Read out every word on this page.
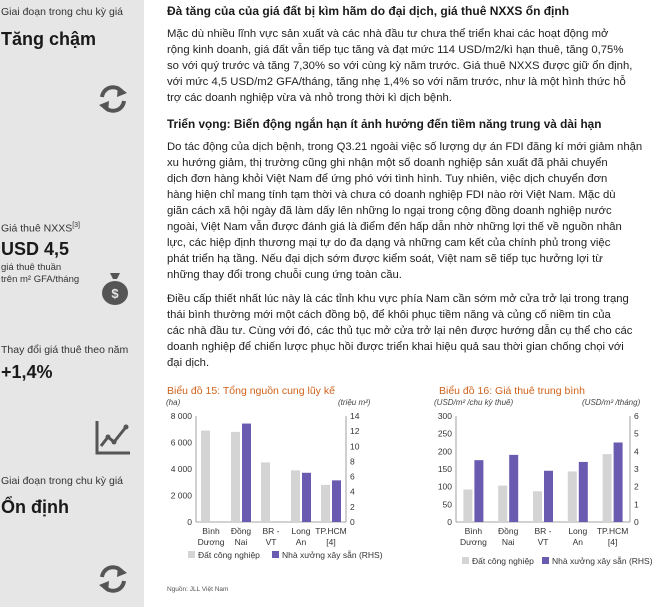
Giai đoạn trong chu kỳ giá
Tăng chậm
Giá thuê NXXS[3]
USD 4,5
giá thuê thuần
trên m² GFA/tháng
$
Thay đổi giá thuê theo năm
+1,4%
Giai đoạn trong chu kỳ giá
Ổn định
Đà tăng của của giá đất bị kìm hãm do đại dịch, giá thuê NXXS ổn định
Mặc dù nhiều lĩnh vực sản xuất và các nhà đầu tư chưa thể triển khai các hoạt động mở
rộng kinh doanh, giá đất vẫn tiếp tục tăng và đạt mức 114 USD/m2/kì hạn thuê, tăng 0,75%
so với quý trước và tăng 7,30% so với cùng kỳ năm trước. Giá thuê NXXS được giữ ổn định,
với mức 4,5 USD/m2 GFA/tháng, tăng nhẹ 1,4% so với năm trước, như là một hình thức hỗ
trợ các doanh nghiệp vừa và nhỏ trong thời kì dịch bệnh.
Triển vọng: Biến động ngắn hạn ít ảnh hưởng đến tiềm năng trung và dài hạn
Do tác động của dịch bệnh, trong Q3.21 ngoài việc số lượng dự án FDI đăng kí mới giảm nhận
xu hướng giảm, thị trường cũng ghi nhận một số doanh nghiệp sản xuất đã phải chuyển
dịch đơn hàng khỏi Việt Nam để ứng phó với tình hình. Tuy nhiên, việc dịch chuyển đơn
hàng hiện chỉ mang tính tạm thời và chưa có doanh nghiệp FDI nào rời Việt Nam. Mặc dù
giãn cách xã hội ngày đã làm dấy lên những lo ngại trong cộng đồng doanh nghiệp nước
ngoài, Việt Nam vẫn được đánh giá là điểm đến hấp dẫn nhờ những lợi thế về nguồn nhân
lực, các hiệp định thương mại tự do đa dạng và những cam kết của chính phủ trong việc
phát triển hạ tầng. Nếu đại dịch sớm được kiểm soát, Việt nam sẽ tiếp tục hưởng lợi từ
những thay đổi trong chuỗi cung ứng toàn cầu.
Điều cấp thiết nhất lúc này là các tỉnh khu vực phía Nam cần sớm mở cửa trở lại trong trạng
thái bình thường mới một cách đồng bộ, để khôi phục tiềm năng và củng cố niềm tin của
các nhà đầu tư. Cùng với đó, các thủ tục mở cửa trở lại nên được hướng dẫn cụ thể cho các
doanh nghiệp để chiến lược phục hồi được triển khai hiệu quả sau thời gian chống chọi với
đại dịch.
Biểu đồ 15: Tổng nguồn cung lũy kế	Biểu đồ 16: Giá thuê trung bình
(ha)	(triệu m²)
0
2 000
4 000
6 000
8 000
0
2
4
6
8
10
12
14
Bình
Dương
Đồng
Nai
BR -
VT
Long
An
TP.HCM
[4]
Đất công nghiệp	Nhà xưởng xây sẵn (RHS)
(USD/m² /chu kỳ thuê)	(USD/m² /tháng)
0
50
100
150
200
250
300
0
1
2
3
4
5
6
Bình
Dương
Đồng
Nai
BR -
VT
Long
An
TP.HCM
[4]
Đất công nghiệp Nhà xưởng xây sẵn (RHS)
Nguồn: JLL Việt Nam
